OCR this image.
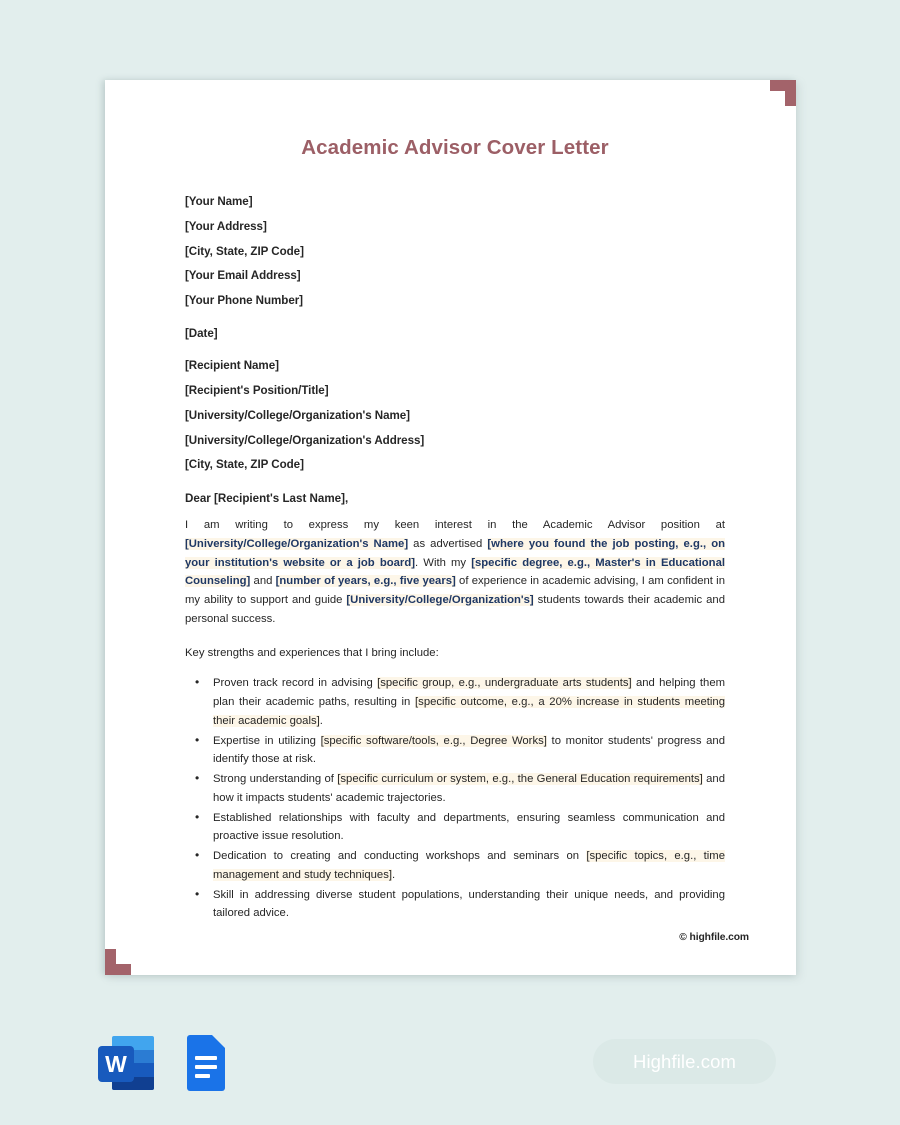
Academic Advisor Cover Letter
[Your Name]
[Your Address]
[City, State, ZIP Code]
[Your Email Address]
[Your Phone Number]
[Date]
[Recipient Name]
[Recipient's Position/Title]
[University/College/Organization's Name]
[University/College/Organization's Address]
[City, State, ZIP Code]
Dear [Recipient's Last Name],

I am writing to express my keen interest in the Academic Advisor position at [University/College/Organization's Name] as advertised [where you found the job posting, e.g., on your institution's website or a job board]. With my [specific degree, e.g., Master's in Educational Counseling] and [number of years, e.g., five years] of experience in academic advising, I am confident in my ability to support and guide [University/College/Organization's] students towards their academic and personal success.

Key strengths and experiences that I bring include:

• Proven track record in advising [specific group, e.g., undergraduate arts students] and helping them plan their academic paths, resulting in [specific outcome, e.g., a 20% increase in students meeting their academic goals].
• Expertise in utilizing [specific software/tools, e.g., Degree Works] to monitor students' progress and identify those at risk.
• Strong understanding of [specific curriculum or system, e.g., the General Education requirements] and how it impacts students' academic trajectories.
• Established relationships with faculty and departments, ensuring seamless communication and proactive issue resolution.
• Dedication to creating and conducting workshops and seminars on [specific topics, e.g., time management and study techniques].
• Skill in addressing diverse student populations, understanding their unique needs, and providing tailored advice.
© highfile.com
W	Highfile.com
